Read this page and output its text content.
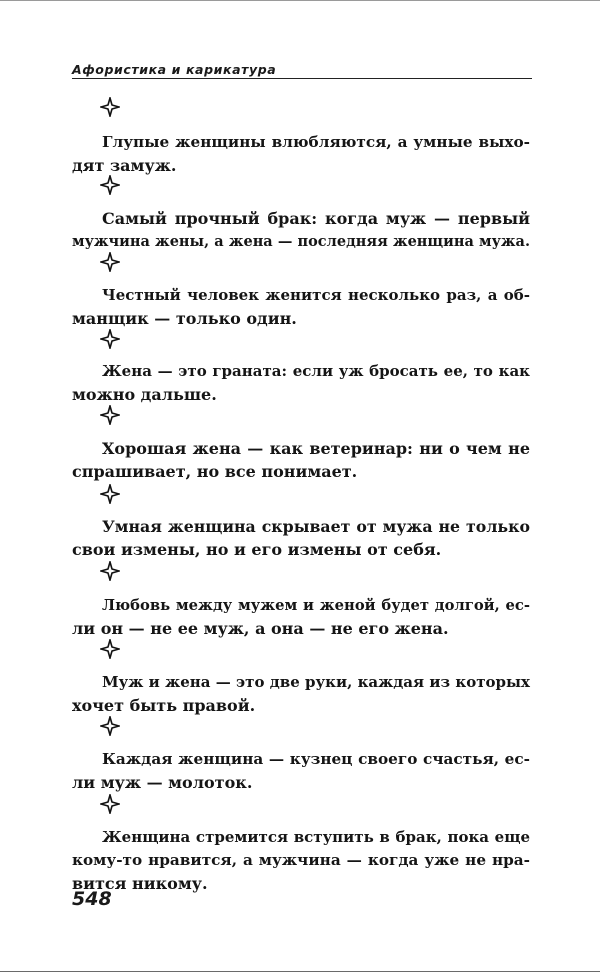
Афористика и карикатура
Глупые женщины влюбляются, а умные выхо-
дят замуж.
Самый прочный брак: когда муж — первый
мужчина жены, а жена — последняя женщина мужа.
Честный человек женится несколько раз, а об-
манщик — только один.
Жена — это граната: если уж бросать ее, то как
можно дальше.
Хорошая жена — как ветеринар: ни о чем не
спрашивает, но все понимает.
Умная женщина скрывает от мужа не только
свои измены, но и его измены от себя.
Любовь между мужем и женой будет долгой, ес-
ли он — не ее муж, а она — не его жена.
Муж и жена — это две руки, каждая из которых
хочет быть правой.
Каждая женщина — кузнец своего счастья, ес-
ли муж — молоток.
Женщина стремится вступить в брак, пока еще
кому-то нравится, а мужчина — когда уже не нра-
вится никому.
548
